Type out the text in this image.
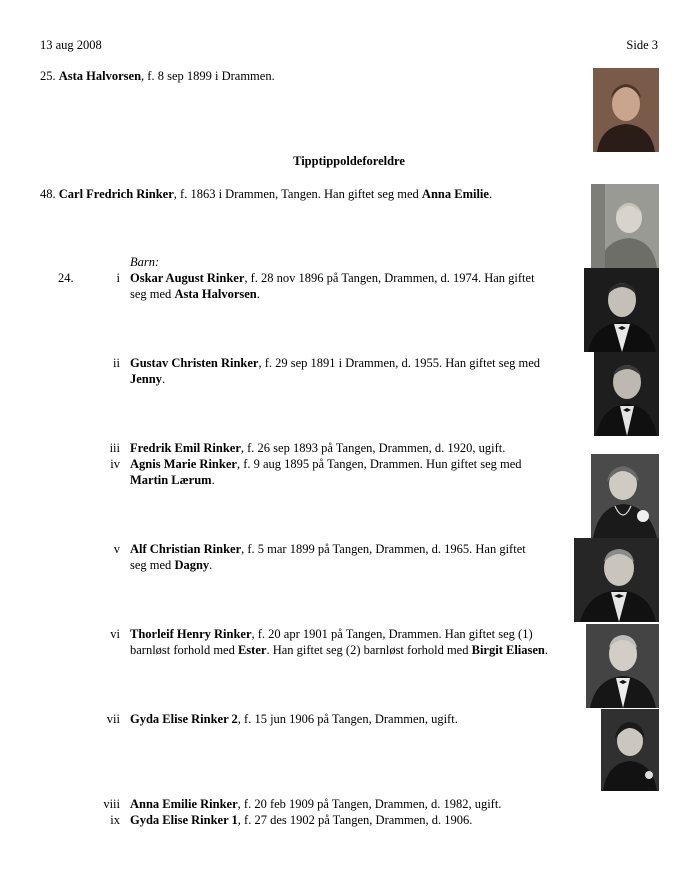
13 aug 2008	Side 3
25. Asta Halvorsen, f. 8 sep 1899 i Drammen.
Tipptippoldeforeldre
48. Carl Fredrich Rinker, f. 1863 i Drammen, Tangen. Han giftet seg med Anna Emilie.
Barn:
24.	i Oskar August Rinker, f. 28 nov 1896 på Tangen, Drammen, d. 1974. Han giftet
seg med Asta Halvorsen.
ii Gustav Christen Rinker, f. 29 sep 1891 i Drammen, d. 1955. Han giftet seg med
Jenny.
iii Fredrik Emil Rinker, f. 26 sep 1893 på Tangen, Drammen, d. 1920, ugift.
iv Agnis Marie Rinker, f. 9 aug 1895 på Tangen, Drammen. Hun giftet seg med
Martin Lærum.
v Alf Christian Rinker, f. 5 mar 1899 på Tangen, Drammen, d. 1965. Han giftet
seg med Dagny.
vi Thorleif Henry Rinker, f. 20 apr 1901 på Tangen, Drammen. Han giftet seg (1)
barnløst forhold med Ester. Han giftet seg (2) barnløst forhold med Birgit Eliasen.
vii Gyda Elise Rinker 2, f. 15 jun 1906 på Tangen, Drammen, ugift.
viii Anna Emilie Rinker, f. 20 feb 1909 på Tangen, Drammen, d. 1982, ugift.
ix Gyda Elise Rinker 1, f. 27 des 1902 på Tangen, Drammen, d. 1906.
